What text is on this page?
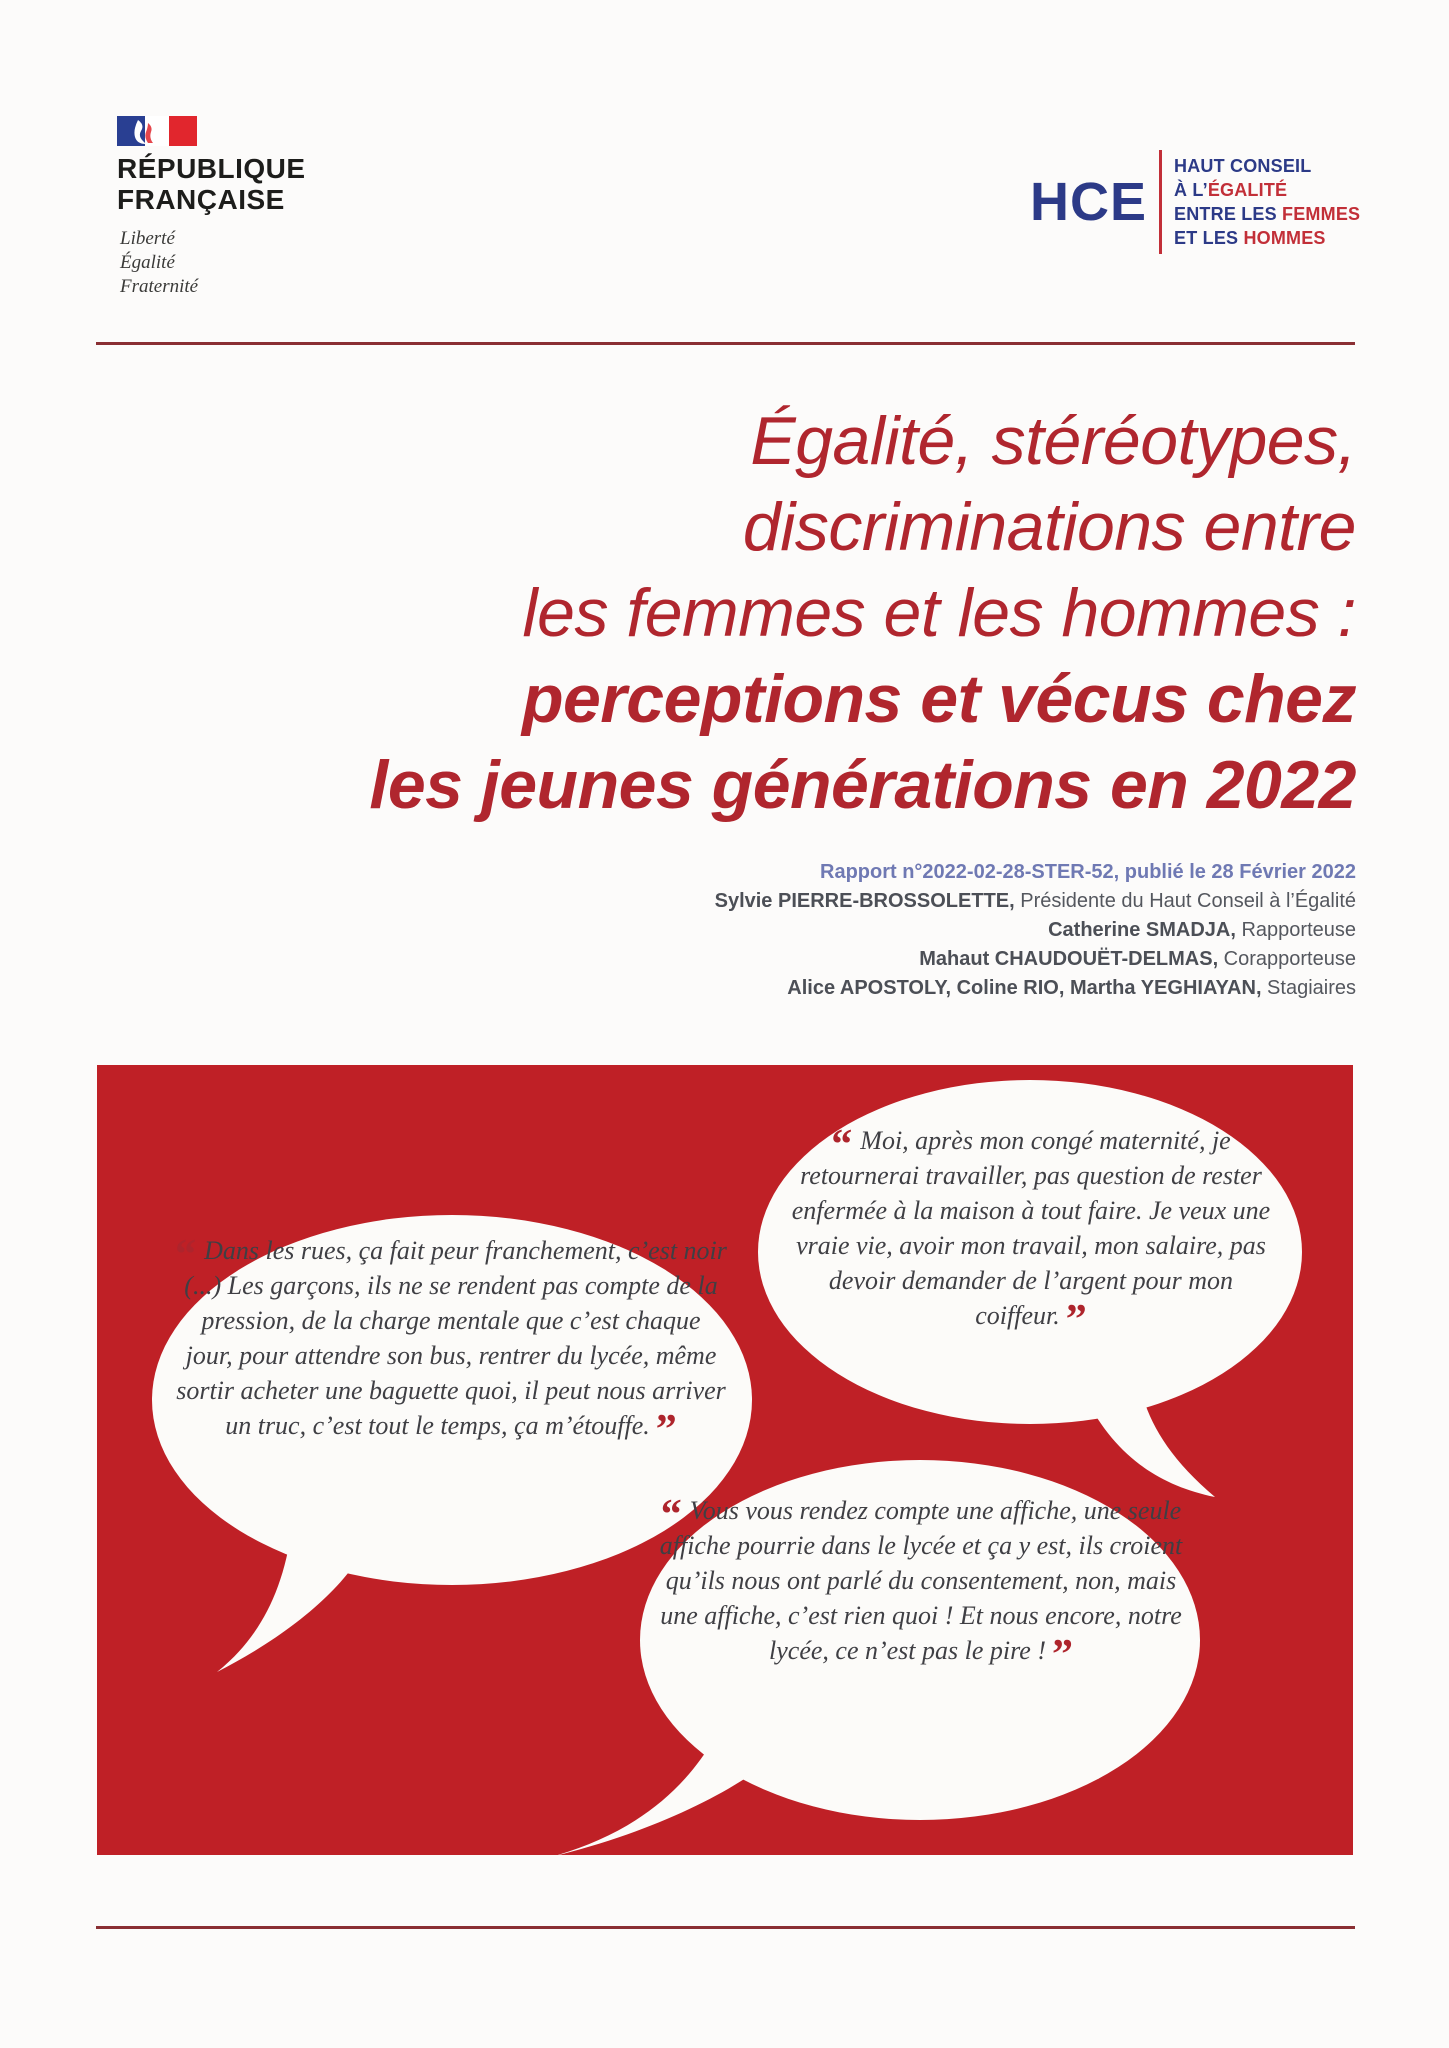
RÉPUBLIQUE
FRANÇAISE
Liberté
Égalité
Fraternité
HCE
HAUT CONSEIL
À L’ÉGALITÉ
ENTRE LES FEMMES
ET LES HOMMES
Égalité, stéréotypes,
discriminations entre
les femmes et les hommes :
perceptions et vécus chez
les jeunes générations en 2022
Rapport n°2022-02-28-STER-52, publié le 28 Février 2022
Sylvie PIERRE-BROSSOLETTE, Présidente du Haut Conseil à l’Égalité
Catherine SMADJA, Rapporteuse
Mahaut CHAUDOUËT-DELMAS, Corapporteuse
Alice APOSTOLY, Coline RIO, Martha YEGHIAYAN, Stagiaires
“ Dans les rues, ça fait peur franchement, c’est noir (...) Les garçons, ils ne se rendent pas compte de la pression, de la charge mentale que c’est chaque jour, pour attendre son bus, rentrer du lycée, même sortir acheter une baguette quoi, il peut nous arriver un truc, c’est tout le temps, ça m’étouffe. ”
“ Moi, après mon congé maternité, je retournerai travailler, pas question de rester enfermée à la maison à tout faire. Je veux une vraie vie, avoir mon travail, mon salaire, pas devoir demander de l’argent pour mon coiffeur. ”
“ Vous vous rendez compte une affiche, une seule affiche pourrie dans le lycée et ça y est, ils croient qu’ils nous ont parlé du consentement, non, mais une affiche, c’est rien quoi ! Et nous encore, notre lycée, ce n’est pas le pire ! ”
